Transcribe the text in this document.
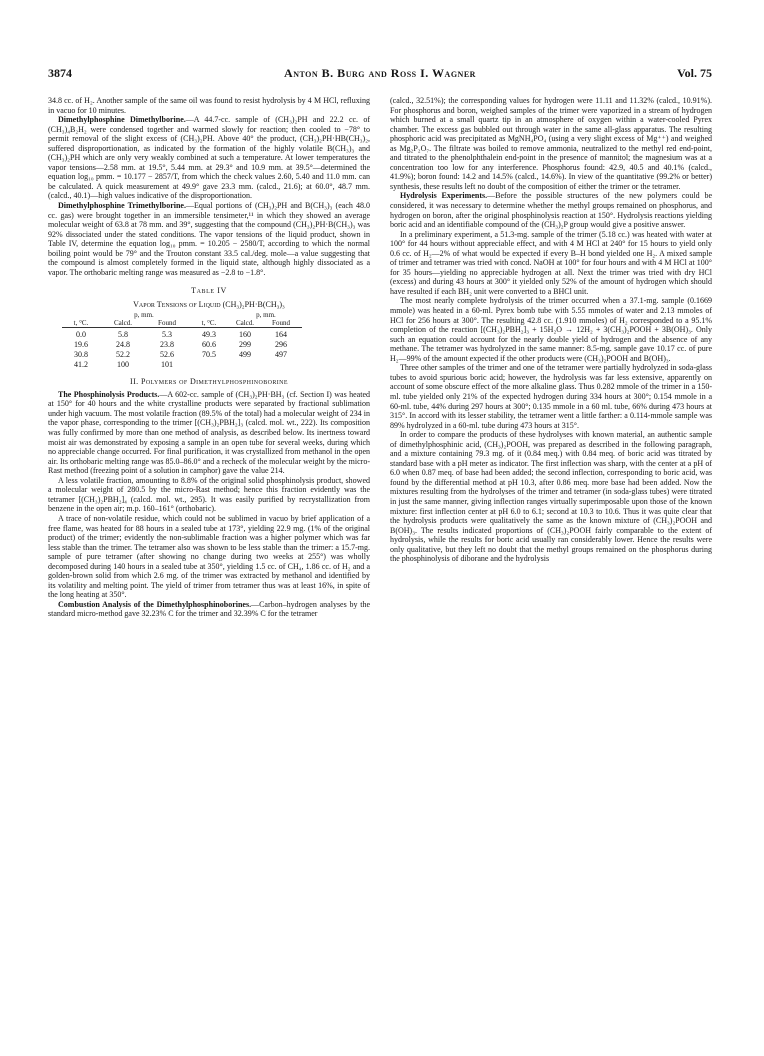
3874	Anton B. Burg and Ross I. Wagner	Vol. 75

34.8 cc. of H₂. Another sample of the same oil was found to resist hydrolysis by 4 M HCl, refluxing in vacuo for 10 minutes.

Dimethylphosphine Dimethylborine.—A 44.7-cc. sample of (CH₃)₂PH and 22.2 cc. of (CH₃)₄B₂H₂ were condensed together and warmed slowly for reaction; then cooled to −78° to permit removal of the slight excess of (CH₃)₂PH. Above 40° the product, (CH₃)₂PH·HB(CH₃)₂, suffered disproportionation, as indicated by the formation of the highly volatile B(CH₃)₃ and (CH₃)₂PH which are only very weakly combined at such a temperature. At lower temperatures the vapor tensions—2.58 mm. at 19.5°, 5.44 mm. at 29.3° and 10.9 mm. at 39.5°—determined the equation log₁₀ pmm. = 10.177 − 2857/T, from which the check values 2.60, 5.40 and 11.0 mm. can be calculated. A quick measurement at 49.9° gave 23.3 mm. (calcd., 21.6); at 60.0°, 48.7 mm. (calcd., 40.1)—high values indicative of the disproportionation.

Dimethylphosphine Trimethylborine.—Equal portions of (CH₃)₂PH and B(CH₃)₃ (each 48.0 cc. gas) were brought together in an immersible tensimeter,¹¹ in which they showed an average molecular weight of 63.8 at 78 mm. and 39°, suggesting that the compound (CH₃)₂PH·B(CH₃)₃ was 92% dissociated under the stated conditions. The vapor tensions of the liquid product, shown in Table IV, determine the equation log₁₀ pmm. = 10.205 − 2580/T, according to which the normal boiling point would be 79° and the Trouton constant 33.5 cal./deg. mole—a value suggesting that the compound is almost completely formed in the liquid state, although highly dissociated as a vapor. The orthobaric melting range was measured as −2.8 to −1.8°.

Table IV
Vapor Tensions of Liquid (CH₃)₂PH·B(CH₃)₃
	p, mm.			p, mm.	
t, °C.	Calcd.	Found	t, °C.	Calcd.	Found
0.0	5.8	5.3	49.3	160	164
19.6	24.8	23.8	60.6	299	296
30.8	52.2	52.6	70.5	499	497
41.2	100	101			
II. Polymers of Dimethylphosphinoborine

The Phosphinolysis Products.—A 602-cc. sample of (CH₃)₂PH·BH₃ (cf. Section I) was heated at 150° for 40 hours and the white crystalline products were separated by fractional sublimation under high vacuum. The most volatile fraction (89.5% of the total) had a molecular weight of 234 in the vapor phase, corresponding to the trimer [(CH₃)₂PBH₂]₃ (calcd. mol. wt., 222). Its composition was fully confirmed by more than one method of analysis, as described below. Its inertness toward moist air was demonstrated by exposing a sample in an open tube for several weeks, during which no appreciable change occurred. For final purification, it was crystallized from methanol in the open air. Its orthobaric melting range was 85.0–86.0° and a recheck of the molecular weight by the micro-Rast method (freezing point of a solution in camphor) gave the value 214.

A less volatile fraction, amounting to 8.8% of the original solid phosphinolysis product, showed a molecular weight of 280.5 by the micro-Rast method; hence this fraction evidently was the tetramer [(CH₃)₂PBH₂]₄ (calcd. mol. wt., 295). It was easily purified by recrystallization from benzene in the open air; m.p. 160–161° (orthobaric).

A trace of non-volatile residue, which could not be sublimed in vacuo by brief application of a free flame, was heated for 88 hours in a sealed tube at 173°, yielding 22.9 mg. (1% of the original product) of the trimer; evidently the non-sublimable fraction was a higher polymer which was far less stable than the trimer. The tetramer also was shown to be less stable than the trimer: a 15.7-mg. sample of pure tetramer (after showing no change during two weeks at 255°) was wholly decomposed during 140 hours in a sealed tube at 350°, yielding 1.5 cc. of CH₄, 1.86 cc. of H₂ and a golden-brown solid from which 2.6 mg. of the trimer was extracted by methanol and identified by its volatility and melting point. The yield of trimer from tetramer thus was at least 16%, in spite of the long heating at 350°.

Combustion Analysis of the Dimethylphosphinoborines.—Carbon–hydrogen analyses by the standard micro-method gave 32.23% C for the trimer and 32.39% C for the tetramer

(calcd., 32.51%); the corresponding values for hydrogen were 11.11 and 11.32% (calcd., 10.91%). For phosphorus and boron, weighed samples of the trimer were vaporized in a stream of hydrogen which burned at a small quartz tip in an atmosphere of oxygen within a water-cooled Pyrex chamber. The excess gas bubbled out through water in the same all-glass apparatus. The resulting phosphoric acid was precipitated as MgNH₄PO₄ (using a very slight excess of Mg⁺⁺) and weighed as Mg₂P₂O₇. The filtrate was boiled to remove ammonia, neutralized to the methyl red end-point, and titrated to the phenolphthalein end-point in the presence of mannitol; the magnesium was at a concentration too low for any interference. Phosphorus found: 42.9, 40.5 and 40.1% (calcd., 41.9%); boron found: 14.2 and 14.5% (calcd., 14.6%). In view of the quantitative (99.2% or better) synthesis, these results left no doubt of the composition of either the trimer or the tetramer.

Hydrolysis Experiments.—Before the possible structures of the new polymers could be considered, it was necessary to determine whether the methyl groups remained on phosphorus, and hydrogen on boron, after the original phosphinolysis reaction at 150°. Hydrolysis reactions yielding boric acid and an identifiable compound of the (CH₃)₂P group would give a positive answer.

In a preliminary experiment, a 51.3-mg. sample of the trimer (5.18 cc.) was heated with water at 100° for 44 hours without appreciable effect, and with 4 M HCl at 240° for 15 hours to yield only 0.6 cc. of H₂—2% of what would be expected if every B–H bond yielded one H₂. A mixed sample of trimer and tetramer was tried with concd. NaOH at 100° for four hours and with 4 M HCl at 100° for 35 hours—yielding no appreciable hydrogen at all. Next the trimer was tried with dry HCl (excess) and during 43 hours at 300° it yielded only 52% of the amount of hydrogen which should have resulted if each BH₂ unit were converted to a BHCl unit.

The most nearly complete hydrolysis of the trimer occurred when a 37.1-mg. sample (0.1669 mmole) was heated in a 60-ml. Pyrex bomb tube with 5.55 mmoles of water and 2.13 mmoles of HCl for 256 hours at 300°. The resulting 42.8 cc. (1.910 mmoles) of H₂ corresponded to a 95.1% completion of the reaction [(CH₃)₂PBH₂]₃ + 15H₂O → 12H₂ + 3(CH₃)₂POOH + 3B(OH)₃. Only such an equation could account for the nearly double yield of hydrogen and the absence of any methane. The tetramer was hydrolyzed in the same manner: 8.5-mg. sample gave 10.17 cc. of pure H₂—99% of the amount expected if the other products were (CH₃)₂POOH and B(OH)₃.

Three other samples of the trimer and one of the tetramer were partially hydrolyzed in soda-glass tubes to avoid spurious boric acid; however, the hydrolysis was far less extensive, apparently on account of some obscure effect of the more alkaline glass. Thus 0.282 mmole of the trimer in a 150-ml. tube yielded only 21% of the expected hydrogen during 334 hours at 300°; 0.154 mmole in a 60-ml. tube, 44% during 297 hours at 300°; 0.135 mmole in a 60 ml. tube, 66% during 473 hours at 315°. In accord with its lesser stability, the tetramer went a little farther: a 0.114-mmole sample was 89% hydrolyzed in a 60-ml. tube during 473 hours at 315°.

In order to compare the products of these hydrolyses with known material, an authentic sample of dimethylphosphinic acid, (CH₃)₂POOH, was prepared as described in the following paragraph, and a mixture containing 79.3 mg. of it (0.84 meq.) with 0.84 meq. of boric acid was titrated by standard base with a pH meter as indicator. The first inflection was sharp, with the center at a pH of 6.0 when 0.87 meq. of base had been added; the second inflection, corresponding to boric acid, was found by the differential method at pH 10.3, after 0.86 meq. more base had been added. Now the mixtures resulting from the hydrolyses of the trimer and tetramer (in soda-glass tubes) were titrated in just the same manner, giving inflection ranges virtually superimposable upon those of the known mixture: first inflection center at pH 6.0 to 6.1; second at 10.3 to 10.6. Thus it was quite clear that the hydrolysis products were qualitatively the same as the known mixture of (CH₃)₂POOH and B(OH)₃. The results indicated proportions of (CH₃)₂POOH fairly comparable to the extent of hydrolysis, while the results for boric acid usually ran considerably lower. Hence the results were only qualitative, but they left no doubt that the methyl groups remained on the phosphorus during the phosphinolysis of diborane and the hydrolysis
